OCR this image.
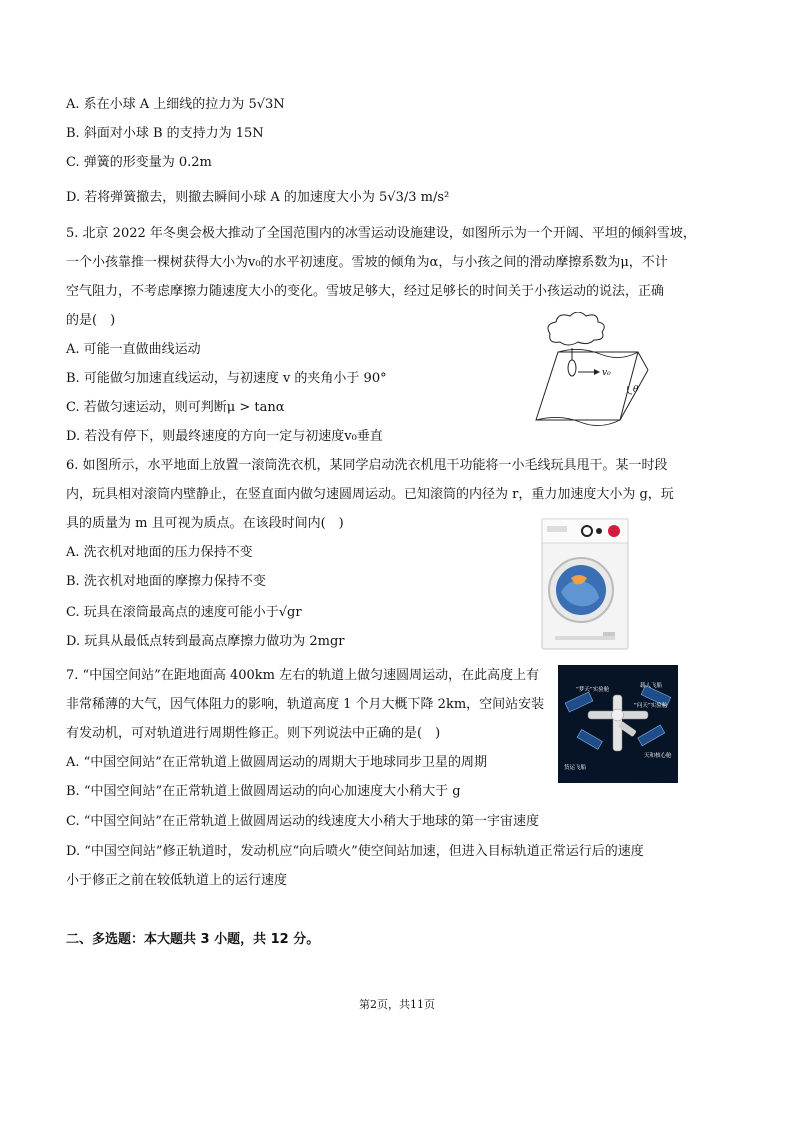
A. 系在小球 A 上细线的拉力为 5√3N
B. 斜面对小球 B 的支持力为 15N
C. 弹簧的形变量为 0.2m
D. 若将弹簧撤去，则撤去瞬间小球 A 的加速度大小为 5√3/3 m/s²
5. 北京 2022 年冬奥会极大推动了全国范围内的冰雪运动设施建设，如图所示为一个开阔、平坦的倾斜雪坡，
一个小孩靠推一棵树获得大小为v₀的水平初速度。雪坡的倾角为α，与小孩之间的滑动摩擦系数为μ，不计
空气阻力，不考虑摩擦力随速度大小的变化。雪坡足够大，经过足够长的时间关于小孩运动的说法，正确
的是(　)
A. 可能一直做曲线运动
B. 可能做匀加速直线运动，与初速度 v 的夹角小于 90°
C. 若做匀速运动，则可判断μ > tanα
D. 若没有停下，则最终速度的方向一定与初速度v₀垂直
v₀
θ
6. 如图所示，水平地面上放置一滚筒洗衣机，某同学启动洗衣机甩干功能将一小毛线玩具甩干。某一时段
内，玩具相对滚筒内壁静止，在竖直面内做匀速圆周运动。已知滚筒的内径为 r，重力加速度大小为 g，玩
具的质量为 m 且可视为质点。在该段时间内(　)
A. 洗衣机对地面的压力保持不变
B. 洗衣机对地面的摩擦力保持不变
C. 玩具在滚筒最高点的速度可能小于√gr
D. 玩具从最低点转到最高点摩擦力做功为 2mgr
7. “中国空间站”在距地面高 400km 左右的轨道上做匀速圆周运动，在此高度上有
非常稀薄的大气，因气体阻力的影响，轨道高度 1 个月大概下降 2km，空间站安装
有发动机，可对轨道进行周期性修正。则下列说法中正确的是(　)
A. “中国空间站”在正常轨道上做圆周运动的周期大于地球同步卫星的周期
B. “中国空间站”在正常轨道上做圆周运动的向心加速度大小稍大于 g
C. “中国空间站”在正常轨道上做圆周运动的线速度大小稍大于地球的第一宇宙速度
D. “中国空间站”修正轨道时，发动机应“向后喷火”使空间站加速，但进入目标轨道正常运行后的速度
小于修正之前在较低轨道上的运行速度
“梦天”实验舱
载人飞船
“问天”实验舱
天和核心舱
货运飞船
二、多选题：本大题共 3 小题，共 12 分。
第2页，共11页
